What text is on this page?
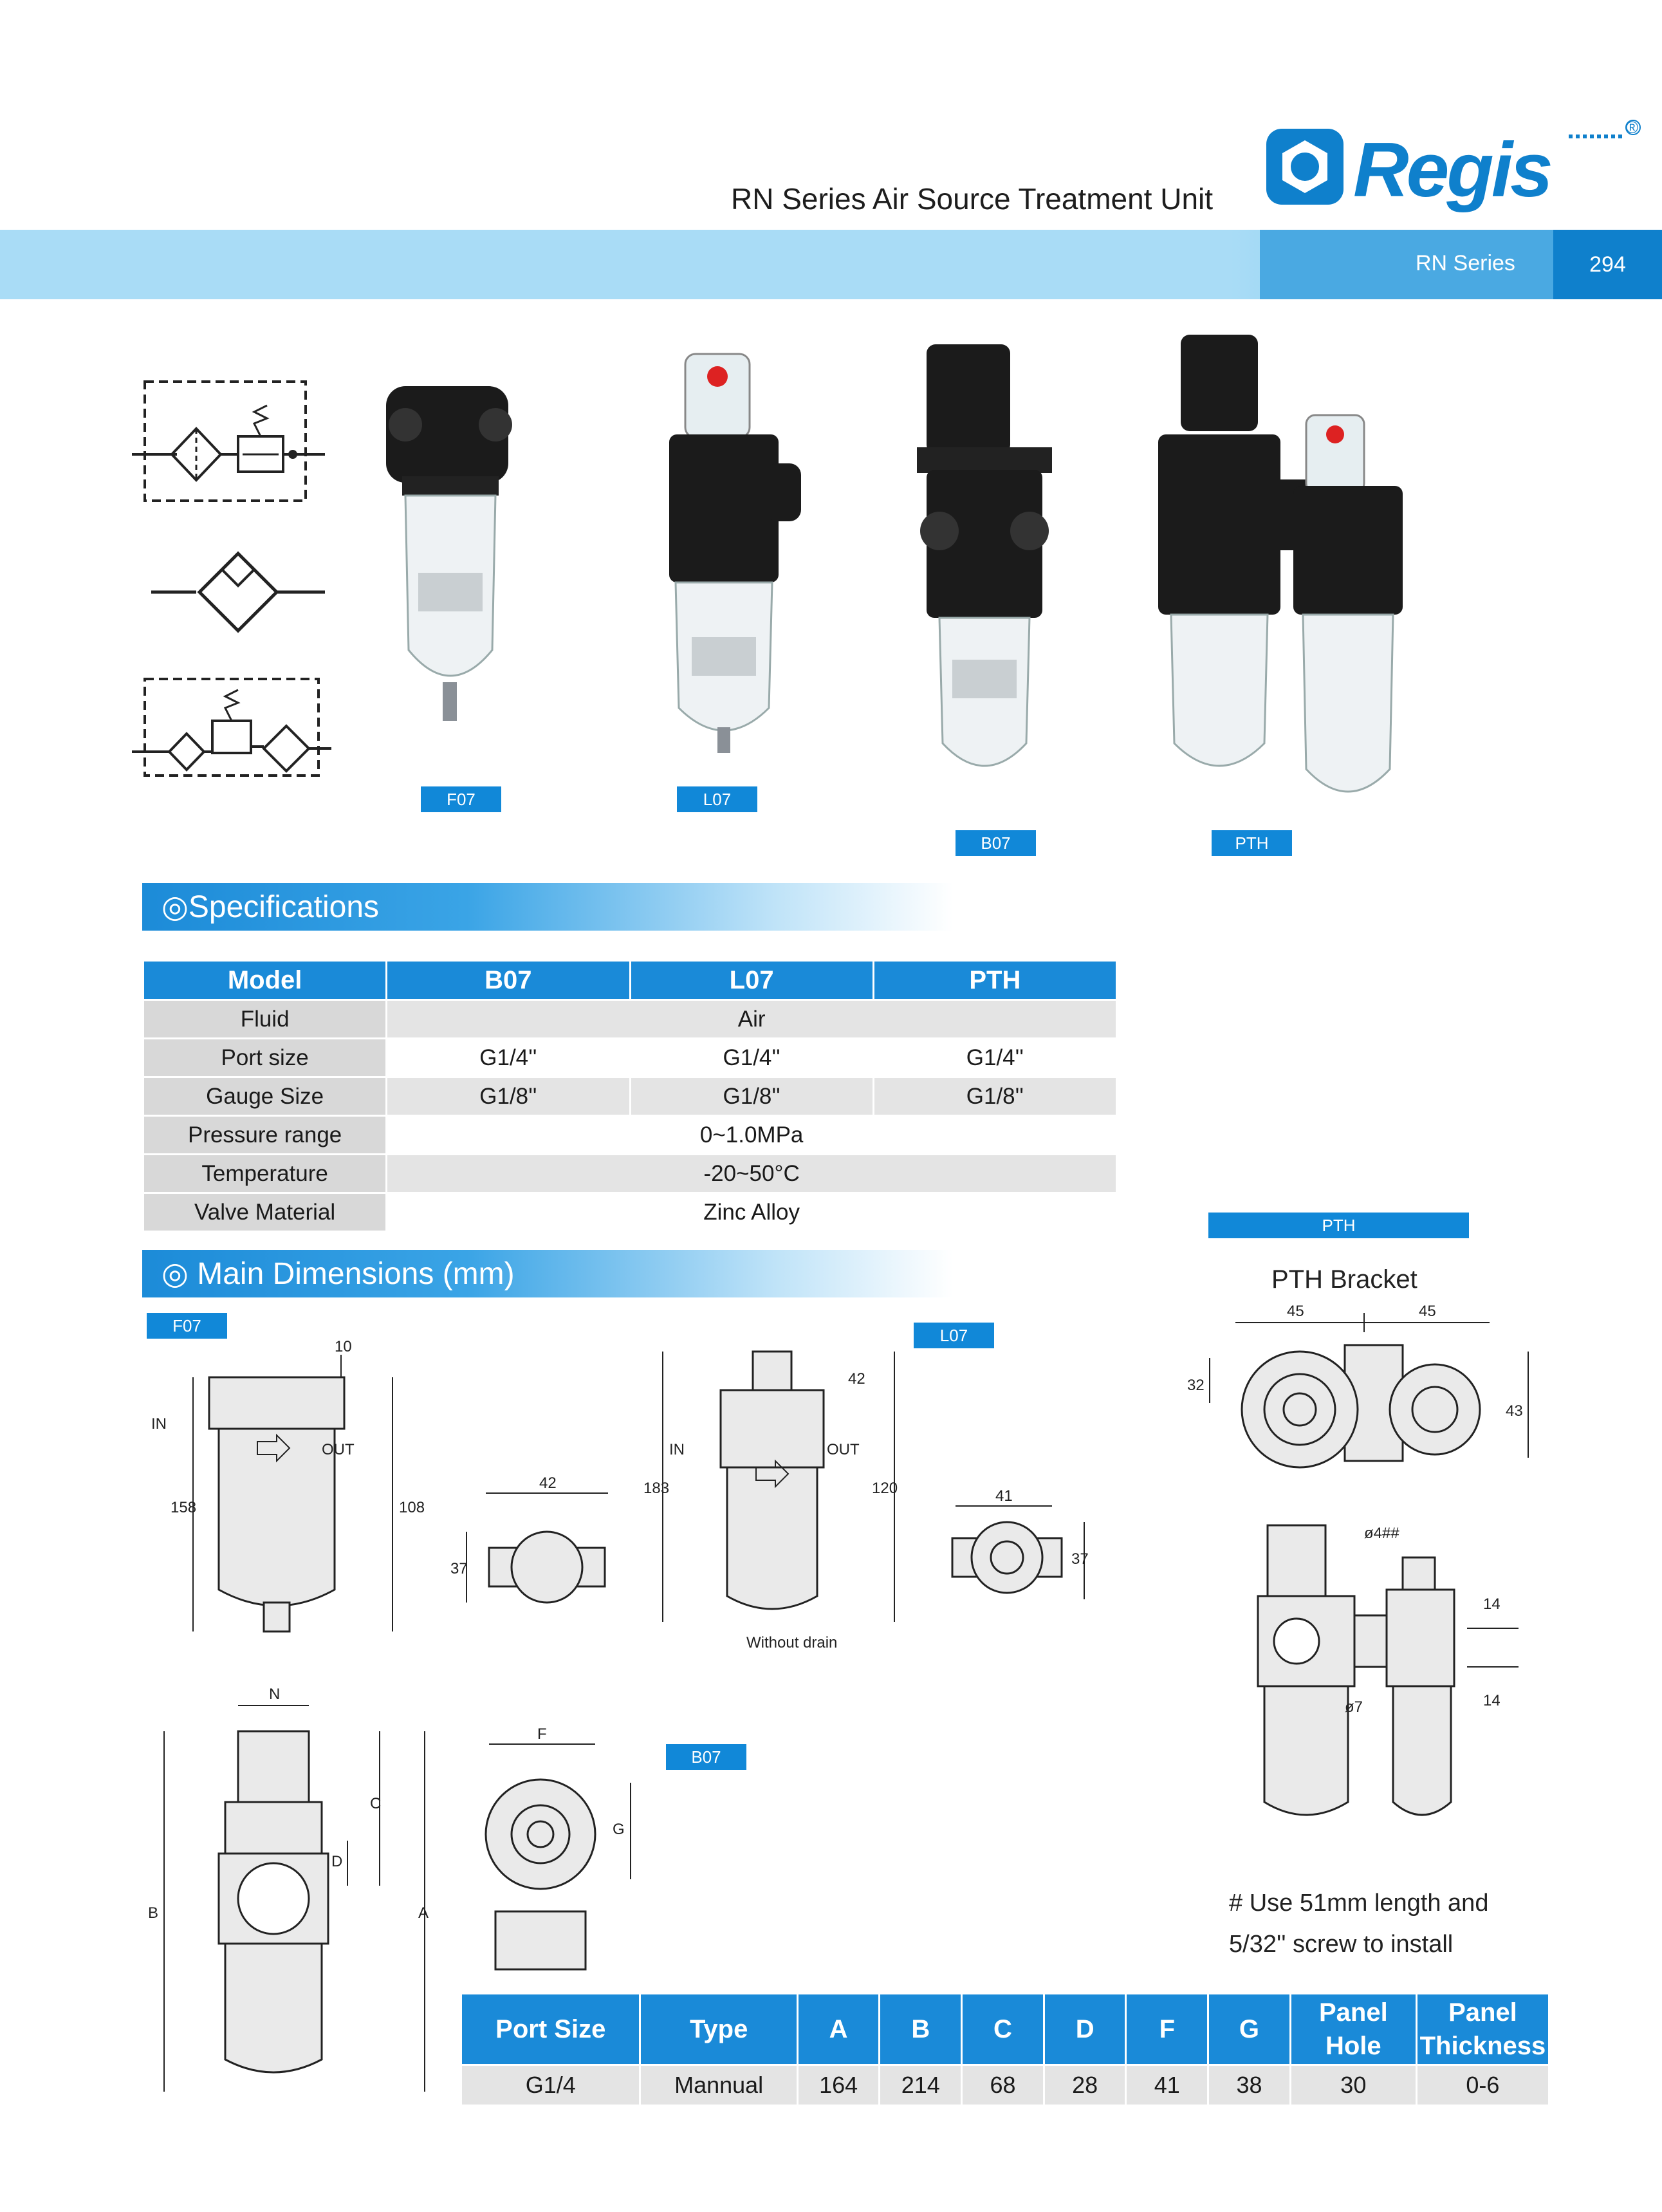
RN Series Air Source Treatment Unit Regis	®
RN Series	294
F07	L07
B07	PTH
◎Specifications
Model	B07	L07	PTH
Fluid	Air		
Port size	G1/4''	G1/4''	G1/4''
Gauge Size	G1/8''	G1/8''	G1/8''
Pressure range	0~1.0MPa		
Temperature	-20~50°C		
Valve Material	Zinc Alloy		
◎ Main Dimensions (mm)
F07	L07
B07
PTH
IN
OUT
10
158	108
42
37
IN	OUT
42
183	120
Without drain
41
37
N
A
B
C
D
F
G
PTH Bracket
45	45
32
43
ø4##
14
14
ø7
# Use 51mm length and
5/32'' screw to install
Port Size	Type	A	B	C	D	F	G	Panel Hole	Panel Thickness
G1/4	Mannual	164	214	68	28	41	38	30	0-6
